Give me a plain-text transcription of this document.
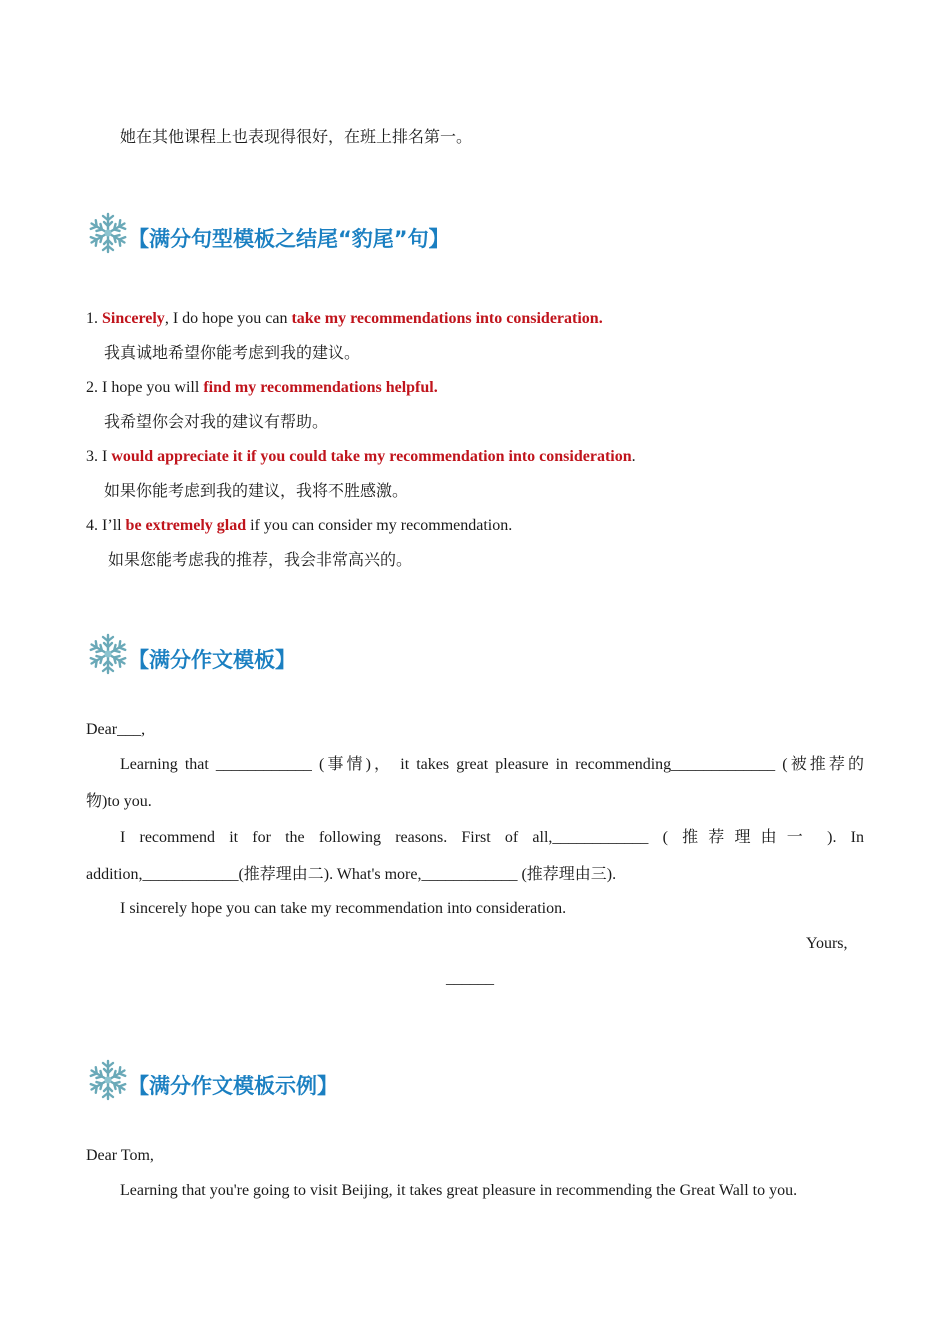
她在其他课程上也表现得很好，在班上排名第一。
【满分句型模板之结尾“豹尾”句】
1. Sincerely, I do hope you can take my recommendations into consideration.
我真诚地希望你能考虑到我的建议。
2. I hope you will find my recommendations helpful.
我希望你会对我的建议有帮助。
3. I would appreciate it if you could take my recommendation into consideration.
如果你能考虑到我的建议，我将不胜感激。
4. I’ll be extremely glad if you can consider my recommendation.
如果您能考虑我的推荐，我会非常高兴的。
【满分作文模板】
Dear___,
Learning that ____________ (事情)， it takes great pleasure in recommending_____________ (被推荐的
物)to you.
I recommend it for the following reasons. First of all,____________ ( 推荐理由一 ). In
addition,____________(推荐理由二). What's more,____________ (推荐理由三).
I sincerely hope you can take my recommendation into consideration.
Yours,
______
【满分作文模板示例】
Dear Tom,
Learning that you're going to visit Beijing, it takes great pleasure in recommending the Great Wall to you.
